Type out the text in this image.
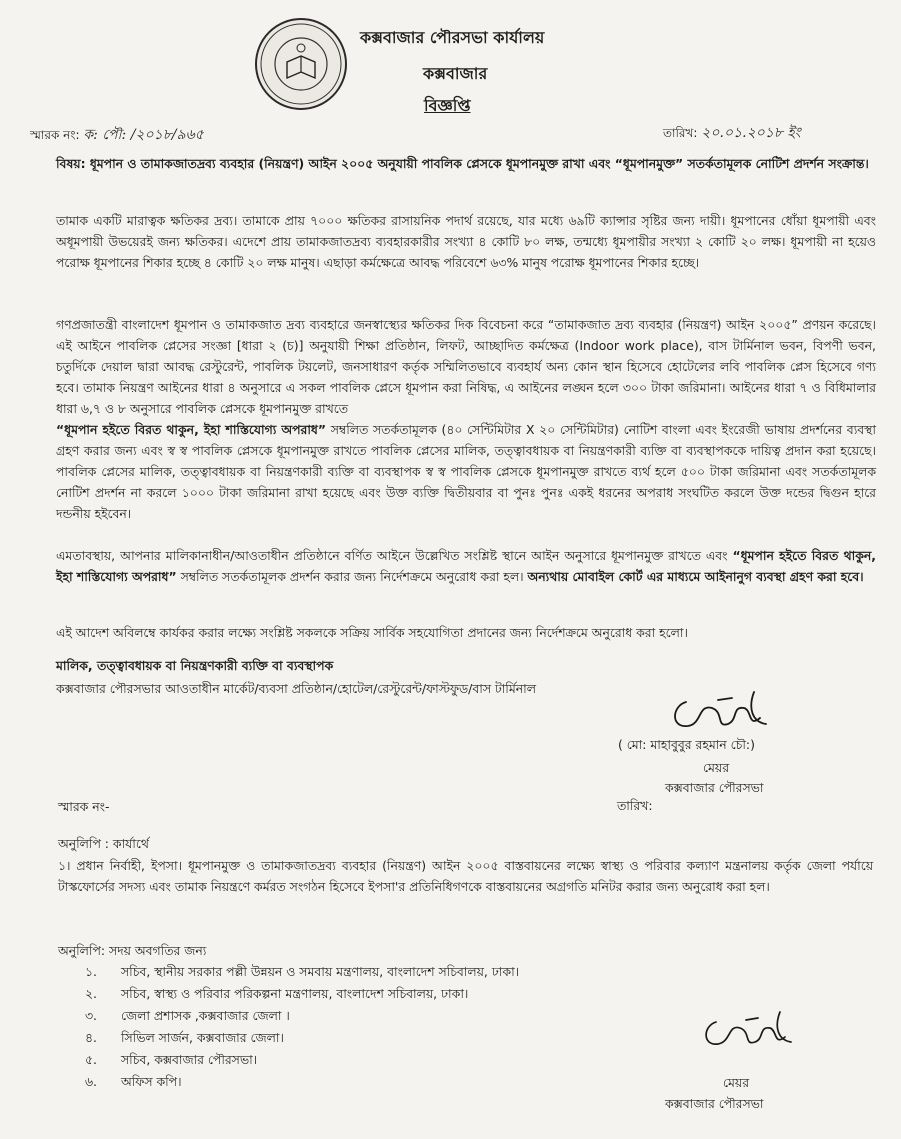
কক্সবাজার পৌরসভা কার্যালয়
কক্সবাজার
বিজ্ঞপ্তি
স্মারক নং: ক: পৌ: /২০১৮/৯৬৫	তারিখ: ২০.০১.২০১৮ ইং

বিষয়: ধূমপান ও তামাকজাতদ্রব্য ব্যবহার (নিয়ন্ত্রণ) আইন ২০০৫ অনুযায়ী পাবলিক প্লেসকে ধূমপানমুক্ত রাখা এবং “ধূমপানমুক্ত” সতর্কতামূলক নোটিশ প্রদর্শন সংক্রান্ত।

তামাক একটি মারাত্বক ক্ষতিকর দ্রব্য। তামাকে প্রায় ৭০০০ ক্ষতিকর রাসায়নিক পদার্থ রয়েছে, যার মধ্যে ৬৯টি ক্যান্সার সৃষ্টির জন্য দায়ী। ধূমপানের ধোঁয়া ধূমপায়ী এবং অধূমপায়ী উভয়েরই জন্য ক্ষতিকর। এদেশে প্রায় তামাকজাতদ্রব্য ব্যবহারকারীর সংখ্যা ৪ কোটি ৮০ লক্ষ, তন্মধ্যে ধূমপায়ীর সংখ্যা ২ কোটি ২০ লক্ষ। ধূমপায়ী না হয়েও পরোক্ষ ধূমপানের শিকার হচ্ছে ৪ কোটি ২০ লক্ষ মানুষ। এছাড়া কর্মক্ষেত্রে আবদ্ধ পরিবেশে ৬৩% মানুষ পরোক্ষ ধূমপানের শিকার হচ্ছে।

গণপ্রজাতন্ত্রী বাংলাদেশ ধূমপান ও তামাকজাত দ্রব্য ব্যবহারে জনস্বাস্থ্যের ক্ষতিকর দিক বিবেচনা করে “তামাকজাত দ্রব্য ব্যবহার (নিয়ন্ত্রণ) আইন ২০০৫” প্রণয়ন করেছে। এই আইনে পাবলিক প্লেসের সংজ্ঞা [ধারা ২ (চ)] অনুযায়ী শিক্ষা প্রতিষ্ঠান, লিফট, আচ্ছাদিত কর্মক্ষেত্র (Indoor work place), বাস টার্মিনাল ভবন, বিপণী ভবন, চতুর্দিকে দেয়াল দ্বারা আবদ্ধ রেস্টুরেন্ট, পাবলিক টয়লেট, জনসাধারণ কর্তৃক সম্মিলিতভাবে ব্যবহার্য অন্য কোন স্থান হিসেবে হোটেলের লবি পাবলিক প্লেস হিসেবে গণ্য হবে। তামাক নিয়ন্ত্রণ আইনের ধারা ৪ অনুসারে এ সকল পাবলিক প্লেসে ধূমপান করা নিষিদ্ধ, এ আইনের লঙ্ঘন হলে ৩০০ টাকা জরিমানা। আইনের ধারা ৭ ও বিধিমালার ধারা ৬,৭ ও ৮ অনুসারে পাবলিক প্লেসকে ধূমপানমুক্ত রাখতে
“ধূমপান হইতে বিরত থাকুন, ইহা শাস্তিযোগ্য অপরাধ” সম্বলিত সতর্কতামূলক (৪০ সেন্টিমিটার X ২০ সেন্টিমিটার) নোটিশ বাংলা এবং ইংরেজী ভাষায় প্রদর্শনের ব্যবস্থা গ্রহণ করার জন্য এবং স্ব স্ব পাবলিক প্লেসকে ধূমপানমুক্ত রাখতে পাবলিক প্লেসের মালিক, তত্ত্বাবধায়ক বা নিয়ন্ত্রণকারী ব্যক্তি বা ব্যবস্থাপককে দায়িত্ব প্রদান করা হয়েছে। পাবলিক প্লেসের মালিক, তত্ত্বাবধায়ক বা নিয়ন্ত্রণকারী ব্যক্তি বা ব্যবস্থাপক স্ব স্ব পাবলিক প্লেসকে ধূমপানমুক্ত রাখতে ব্যর্থ হলে ৫০০ টাকা জরিমানা এবং সতর্কতামূলক নোটিশ প্রদর্শন না করলে ১০০০ টাকা জরিমানা রাখা হয়েছে এবং উক্ত ব্যক্তি দ্বিতীয়বার বা পুনঃ পুনঃ একই ধরনের অপরাধ সংঘটিত করলে উক্ত দন্ডের দ্বিগুন হারে দন্ডনীয় হইবেন।

এমতাবস্থায়, আপনার মালিকানাধীন/আওতাধীন প্রতিষ্ঠানে বর্ণিত আইনে উল্লেখিত সংশ্লিষ্ট স্থানে আইন অনুসারে ধূমপানমুক্ত রাখতে এবং “ধূমপান হইতে বিরত থাকুন, ইহা শাস্তিযোগ্য অপরাধ” সম্বলিত সতর্কতামূলক প্রদর্শন করার জন্য নির্দেশক্রমে অনুরোধ করা হল। অন্যথায় মোবাইল কোর্ট এর মাধ্যমে আইনানুগ ব্যবস্থা গ্রহণ করা হবে।

এই আদেশ অবিলম্বে কার্যকর করার লক্ষ্যে সংশ্লিষ্ট সকলকে সক্রিয় সার্বিক সহযোগিতা প্রদানের জন্য নির্দেশক্রমে অনুরোধ করা হলো।

মালিক, তত্ত্বাবধায়ক বা নিয়ন্ত্রণকারী ব্যক্তি বা ব্যবস্থাপক
কক্সবাজার পৌরসভার আওতাধীন মার্কেট/ব্যবসা প্রতিষ্ঠান/হোটেল/রেস্টুরেন্ট/ফাস্টফুড/বাস টার্মিনাল
( মো: মাহাবুবুর রহমান চৌ:)
মেয়র
কক্সবাজার পৌরসভা
স্মারক নং-	তারিখ:
অনুলিপি : কার্যার্থে
১। প্রধান নির্বাহী, ইপসা। ধূমপানমুক্ত ও তামাকজাতদ্রব্য ব্যবহার (নিয়ন্ত্রণ) আইন ২০০৫ বাস্তবায়নের লক্ষ্যে স্বাস্থ্য ও পরিবার কল্যাণ মন্ত্রনালয় কর্তৃক জেলা পর্যায়ে টাস্কফোর্সের সদস্য এবং তামাক নিয়ন্ত্রণে কর্মরত সংগঠন হিসেবে ইপসা'র প্রতিনিধিগণকে বাস্তবায়নের অগ্রগতি মনিটর করার জন্য অনুরোধ করা হল।
অনুলিপি: সদয় অবগতির জন্য
১. সচিব, স্থানীয় সরকার পল্লী উন্নয়ন ও সমবায় মন্ত্রণালয়, বাংলাদেশ সচিবালয়, ঢাকা।
২. সচিব, স্বাস্থ্য ও পরিবার পরিকল্পনা মন্ত্রণালয়, বাংলাদেশ সচিবালয়, ঢাকা।
৩. জেলা প্রশাসক ,কক্সবাজার জেলা ।
৪. সিভিল সার্জন, কক্সবাজার জেলা।
৫. সচিব, কক্সবাজার পৌরসভা।
৬. অফিস কপি।	মেয়র
কক্সবাজার পৌরসভা
